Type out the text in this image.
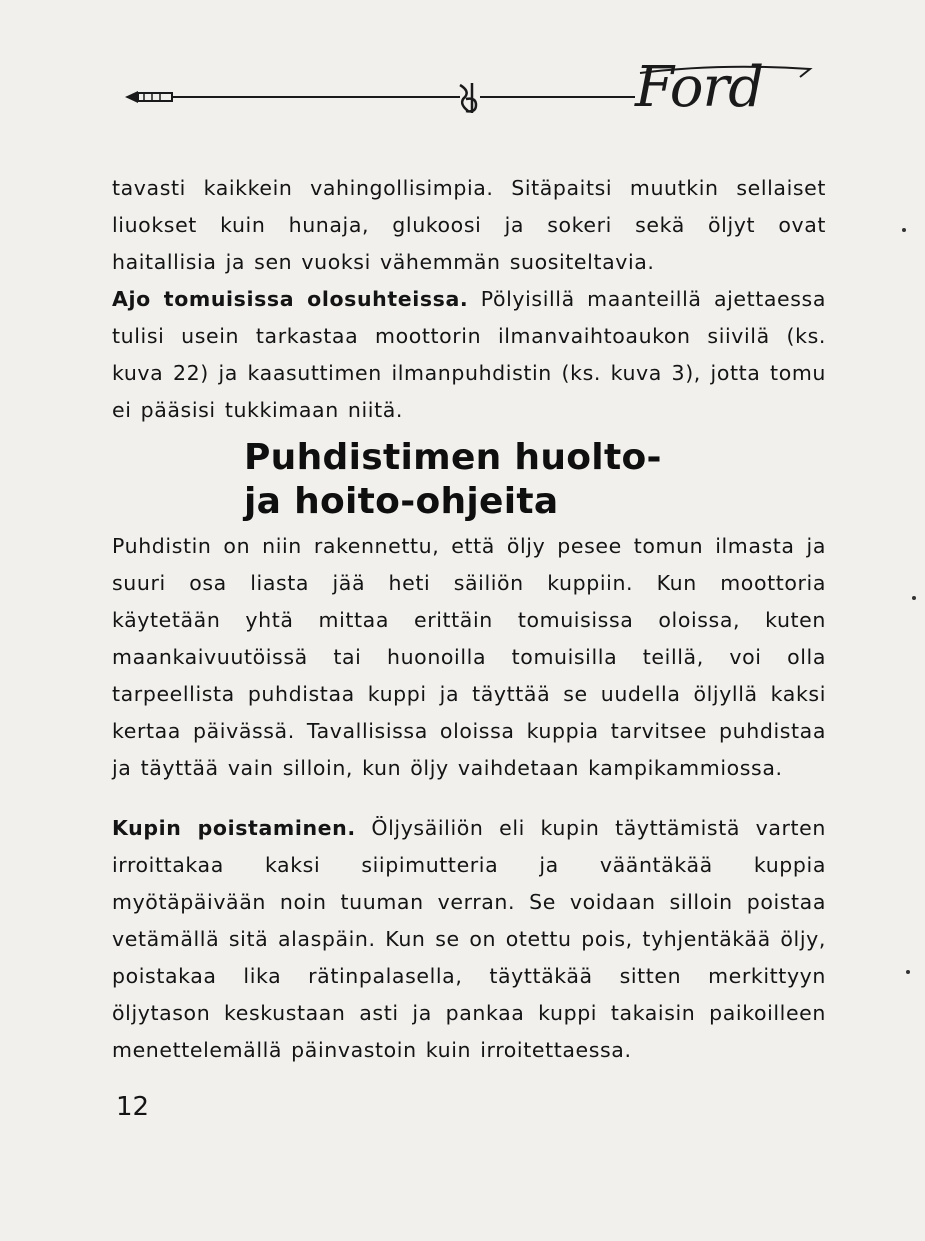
Ford
tavasti kaikkein vahingollisimpia. Sitäpaitsi muutkin sellaiset liuokset kuin hunaja, glukoosi ja sokeri sekä öljyt ovat haitallisia ja sen vuoksi vähemmän suositeltavia.
Ajo tomuisissa olosuhteissa. Pölyisillä maanteillä ajettaessa tulisi usein tarkastaa moottorin ilmanvaihtoaukon siivilä (ks. kuva 22) ja kaasuttimen ilmanpuhdistin (ks. kuva 3), jotta tomu ei pääsisi tukkimaan niitä.
Puhdistimen huolto-
ja hoito-ohjeita
Puhdistin on niin rakennettu, että öljy pesee tomun ilmasta ja suuri osa liasta jää heti säiliön kuppiin. Kun moottoria käytetään yhtä mittaa erittäin tomuisissa oloissa, kuten maankaivuutöissä tai huonoilla tomuisilla teillä, voi olla tarpeellista puhdistaa kuppi ja täyttää se uudella öljyllä kaksi kertaa päivässä. Tavallisissa oloissa kuppia tarvitsee puhdistaa ja täyttää vain silloin, kun öljy vaihdetaan kampikammiossa.
Kupin poistaminen. Öljysäiliön eli kupin täyttämistä varten irroittakaa kaksi siipimutteria ja vääntäkää kuppia myötäpäivään noin tuuman verran. Se voidaan silloin poistaa vetämällä sitä alaspäin. Kun se on otettu pois, tyhjentäkää öljy, poistakaa lika rätinpalasella, täyttäkää sitten merkittyyn öljytason keskustaan asti ja pankaa kuppi takaisin paikoilleen menettelemällä päinvastoin kuin irroitettaessa.
12
